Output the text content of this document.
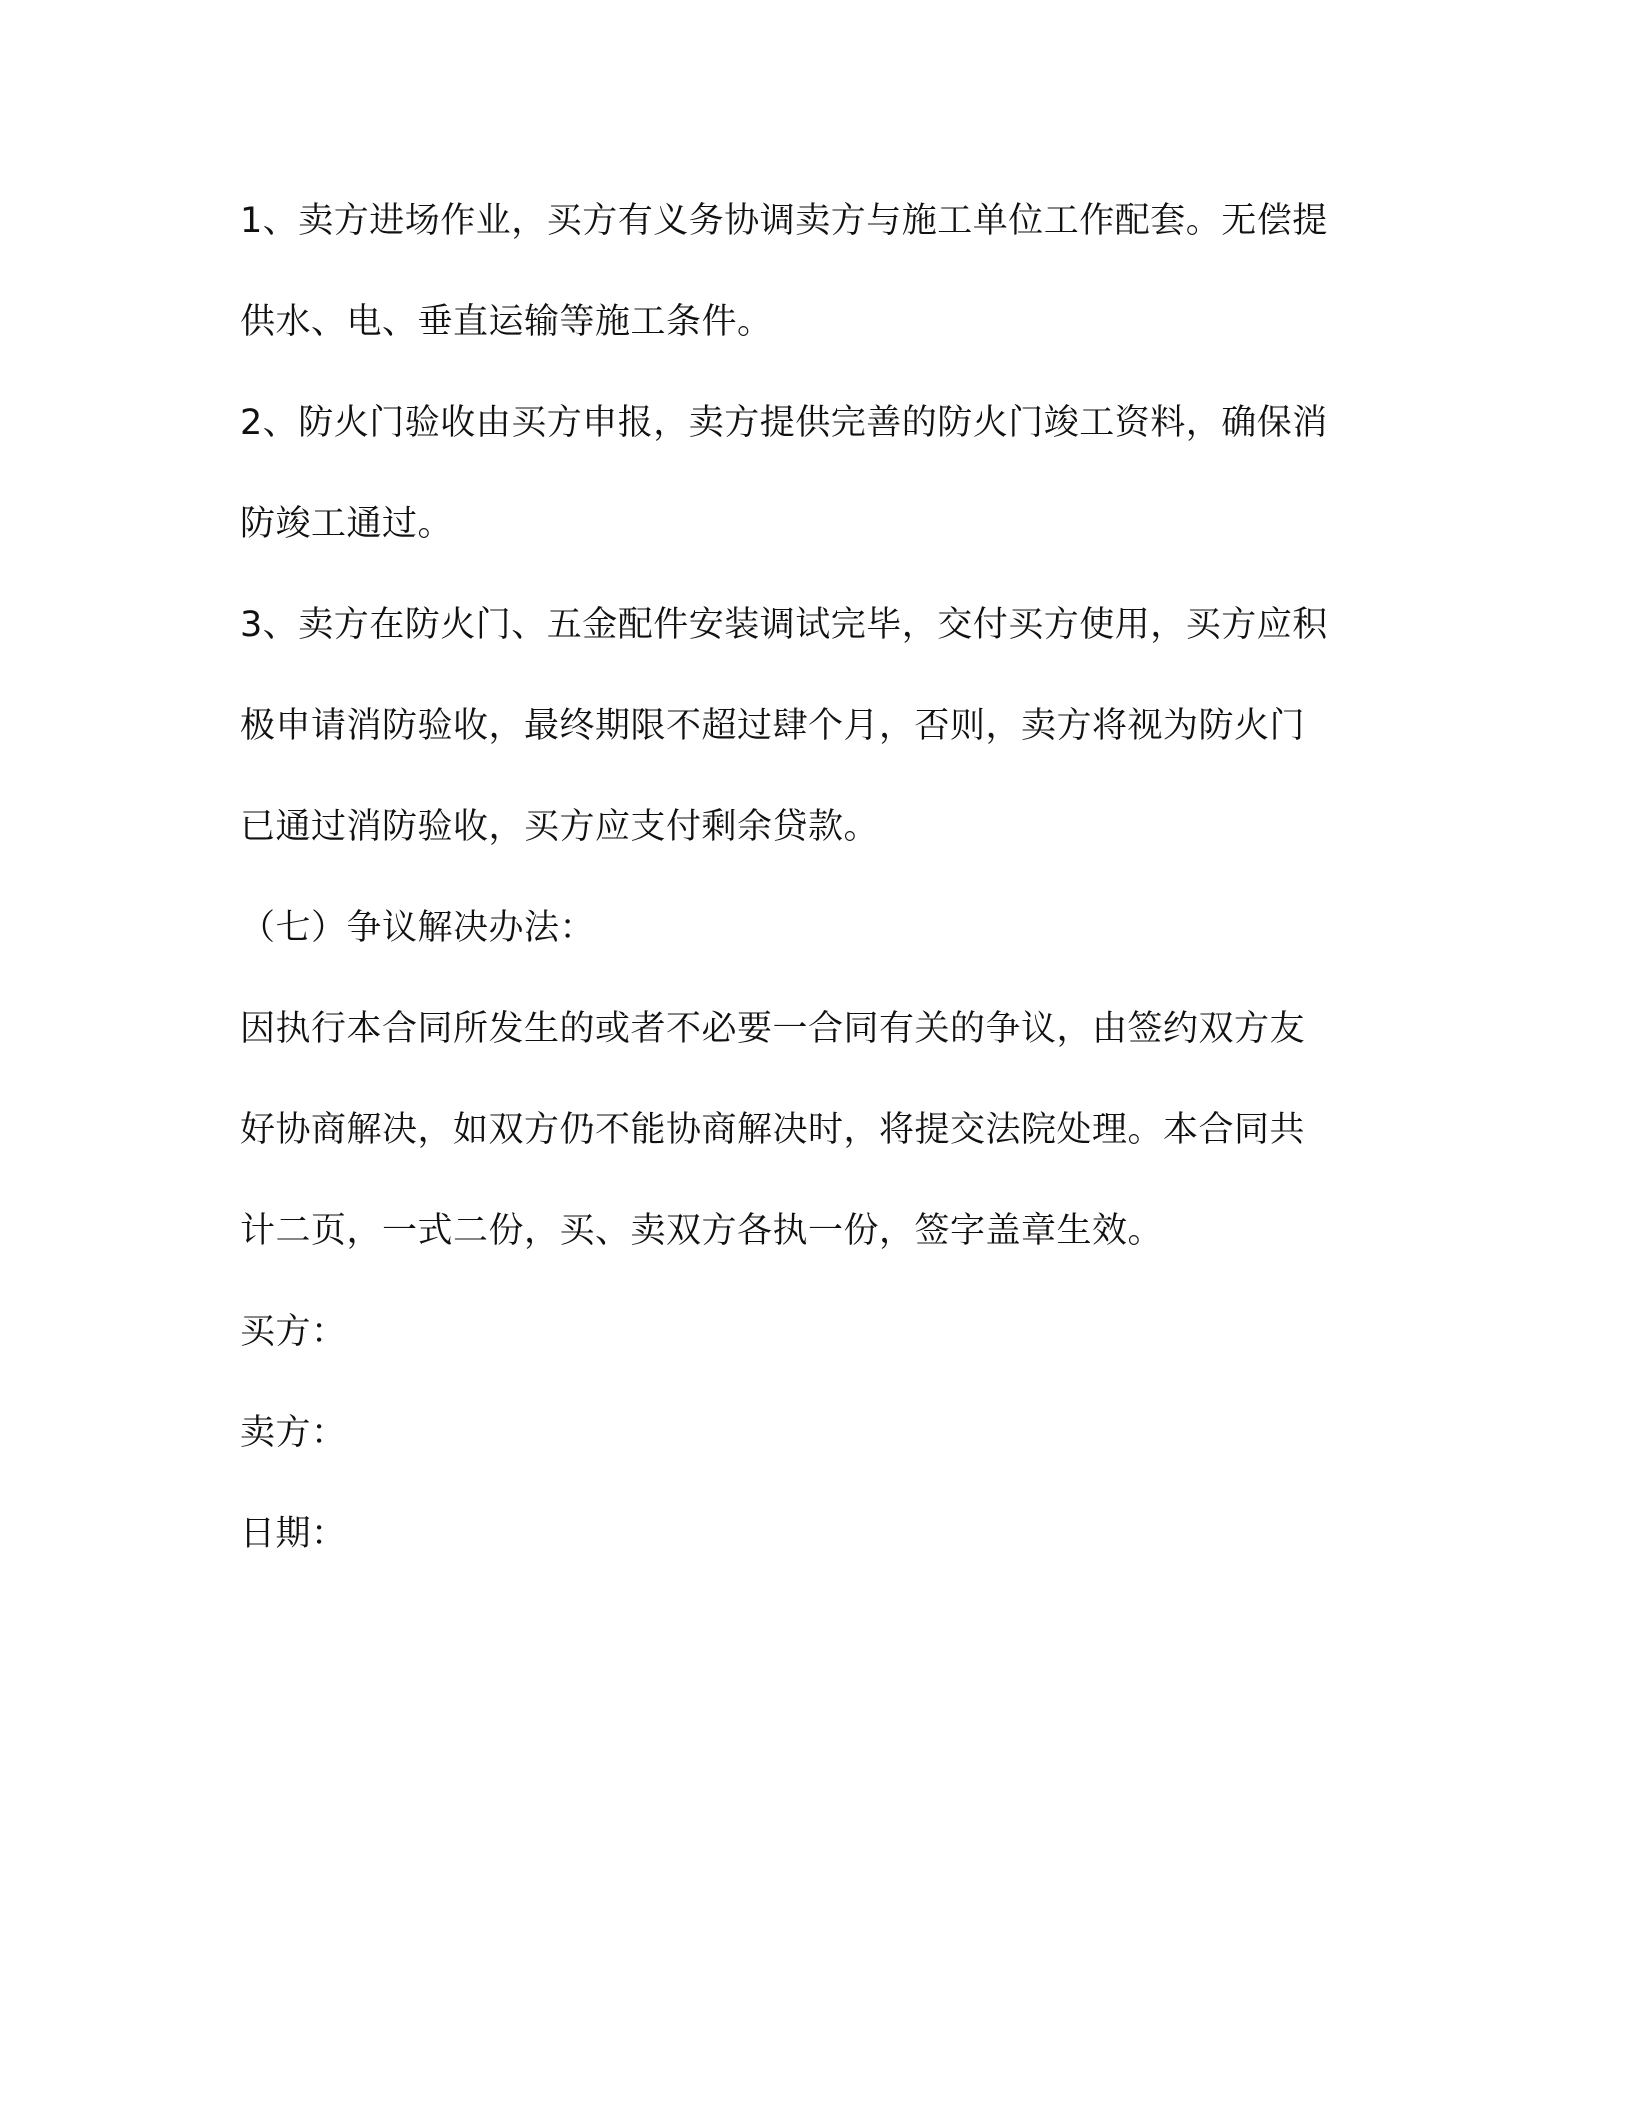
1、卖方进场作业，买方有义务协调卖方与施工单位工作配套。无偿提
供水、电、垂直运输等施工条件。
2、防火门验收由买方申报，卖方提供完善的防火门竣工资料，确保消
防竣工通过。
3、卖方在防火门、五金配件安装调试完毕，交付买方使用，买方应积
极申请消防验收，最终期限不超过肆个月，否则，卖方将视为防火门
已通过消防验收，买方应支付剩余贷款。
（七）争议解决办法：
因执行本合同所发生的或者不必要一合同有关的争议，由签约双方友
好协商解决，如双方仍不能协商解决时，将提交法院处理。本合同共
计二页，一式二份，买、卖双方各执一份，签字盖章生效。
买方：
卖方：
日期：
